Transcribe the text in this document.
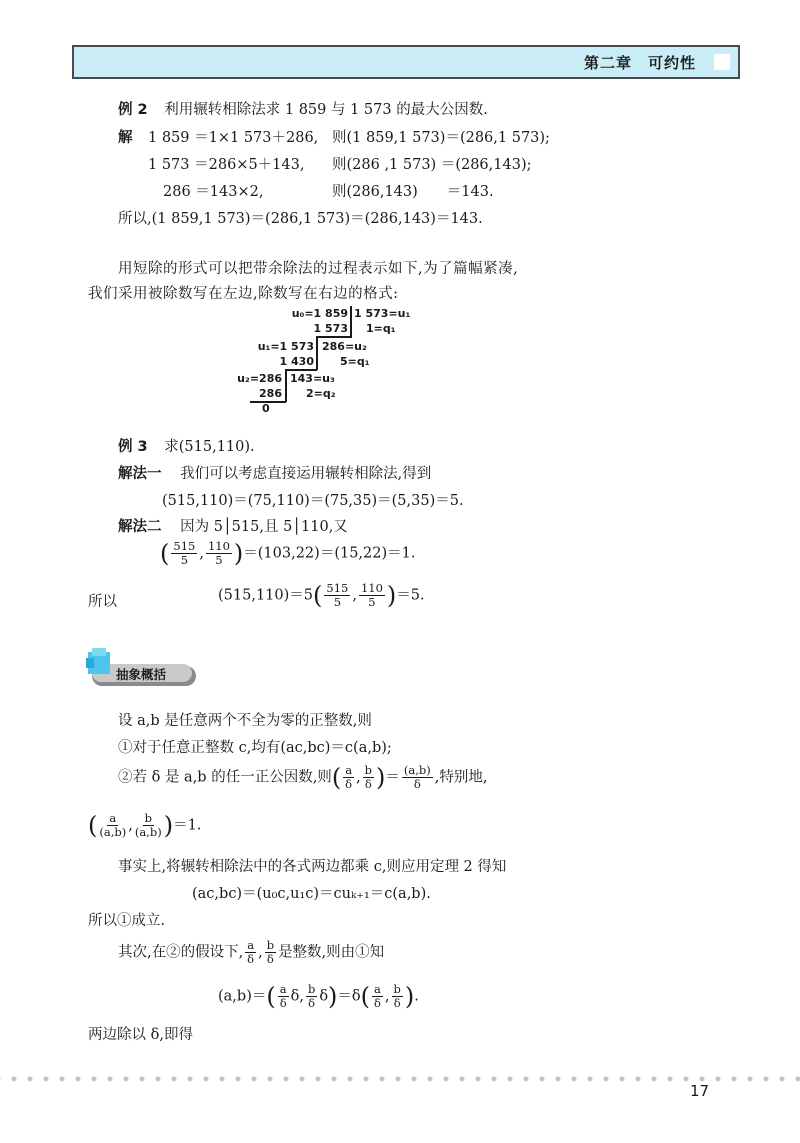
第二章　可约性
例 2 利用辗转相除法求 1 859 与 1 573 的最大公因数.
解 1 859 ＝1×1 573＋286, 则(1 859,1 573)＝(286,1 573);
1 573 ＝286×5＋143, 则(286 ,1 573) ＝(286,143);
286 ＝143×2,	则(286,143)　　＝143.
所以,(1 859,1 573)＝(286,1 573)＝(286,143)＝143.
用短除的形式可以把带余除法的过程表示如下,为了篇幅紧凑,
我们采用被除数写在左边,除数写在右边的格式:
u₀=1 859 1 573=u₁
1 573 1=q₁
u₁=1 573 286=u₂
1 430 5=q₁
u₂=286 143=u₃
286 2=q₂
0
例 3 求(515,110).
解法一 我们可以考虑直接运用辗转相除法,得到
(515,110)＝(75,110)＝(75,35)＝(5,35)＝5.
解法二 因为 5│515,且 5│110,又
( $\frac{515}{5}$ , $\frac{110}{5} )=(103,22)=(15,22)=1$.
所以	$(515,110)=5( \frac{515}{5}$ , $\frac{110}{5} )=5$.
抽象概括
设 a,b 是任意两个不全为零的正整数,则
①对于任意正整数 c,均有(ac,bc)＝c(a,b);
②若 δ 是 a,b 的任一正公因数,则( $\frac{a}{\delta}$ , $\frac{b}{\delta}$ )＝ $\frac{(a,b)}{\delta}$ ,特别地,
( $\frac{a}{(a,b)}$ , $\frac{b}{(a,b)} )=1$.
事实上,将辗转相除法中的各式两边都乘 c,则应用定理 2 得知
(ac,bc)＝(u₀c,u₁c)＝cuₖ₊₁＝c(a,b).
所以①成立.
其次,在②的假设下, $\frac{a}{\delta}$ , $\frac{b}{\delta}$ 是整数,则由①知
$(a,b)=( \frac{a}{\delta} \delta$, $\frac{b}{\delta} \delta)=\delta( \frac{a}{\delta}$ , $\frac{b}{\delta}$ ).
两边除以 δ,即得
17
